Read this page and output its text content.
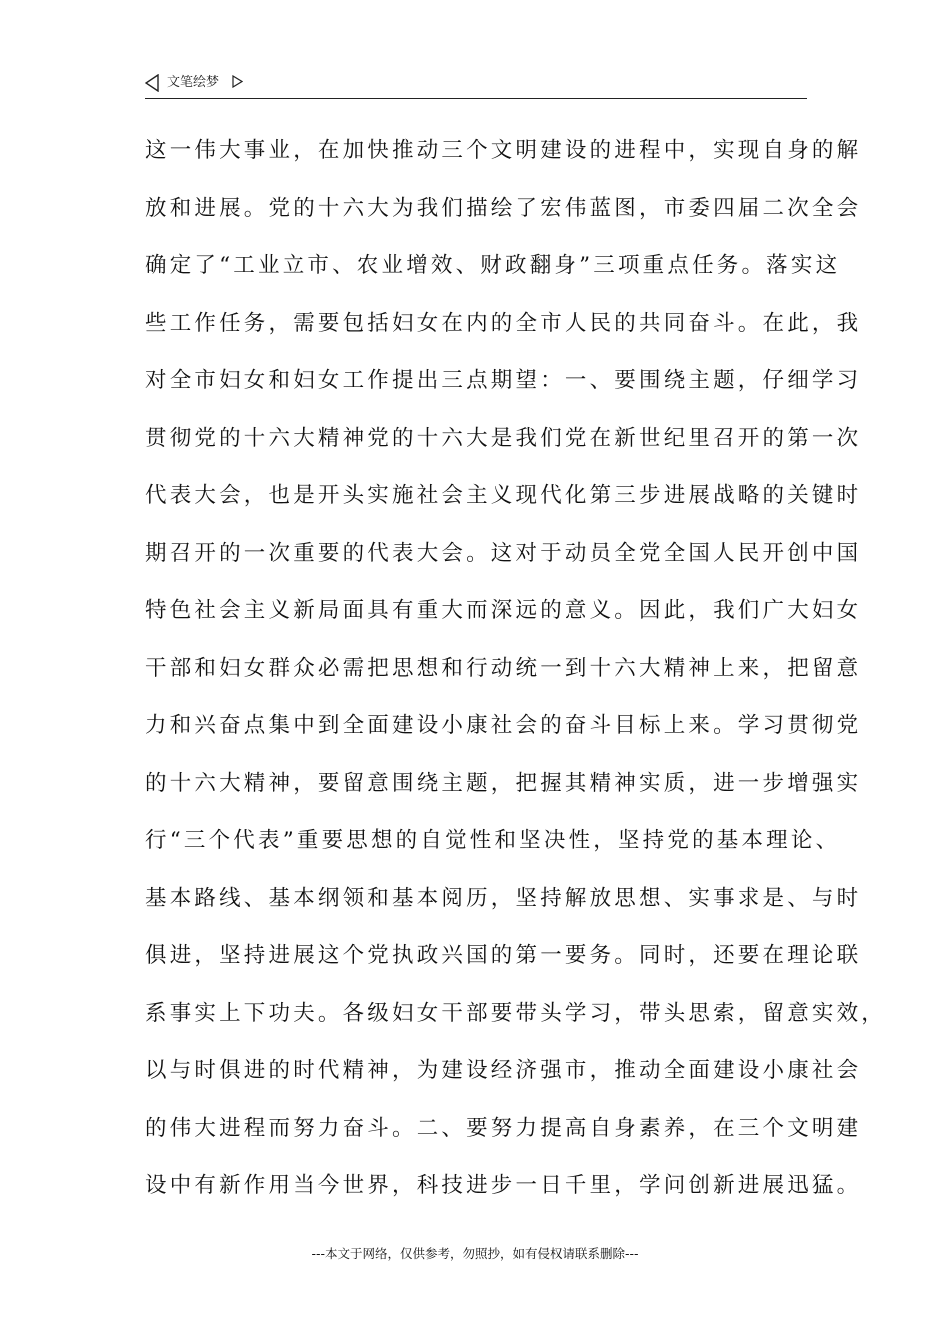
文笔绘梦
这一伟大事业，在加快推动三个文明建设的进程中，实现自身的解
放和进展。党的十六大为我们描绘了宏伟蓝图，市委四届二次全会
确定了“工业立市、农业增效、财政翻身”三项重点任务。落实这
些工作任务，需要包括妇女在内的全市人民的共同奋斗。在此，我
对全市妇女和妇女工作提出三点期望：一、要围绕主题，仔细学习
贯彻党的十六大精神党的十六大是我们党在新世纪里召开的第一次
代表大会，也是开头实施社会主义现代化第三步进展战略的关键时
期召开的一次重要的代表大会。这对于动员全党全国人民开创中国
特色社会主义新局面具有重大而深远的意义。因此，我们广大妇女
干部和妇女群众必需把思想和行动统一到十六大精神上来，把留意
力和兴奋点集中到全面建设小康社会的奋斗目标上来。学习贯彻党
的十六大精神，要留意围绕主题，把握其精神实质，进一步增强实
行“三个代表”重要思想的自觉性和坚决性，坚持党的基本理论、
基本路线、基本纲领和基本阅历，坚持解放思想、实事求是、与时
俱进，坚持进展这个党执政兴国的第一要务。同时，还要在理论联
系事实上下功夫。各级妇女干部要带头学习，带头思索，留意实效，
以与时俱进的时代精神，为建设经济强市，推动全面建设小康社会
的伟大进程而努力奋斗。二、要努力提高自身素养，在三个文明建
设中有新作用当今世界，科技进步一日千里，学问创新进展迅猛。
---本文于网络，仅供参考，勿照抄，如有侵权请联系删除---
